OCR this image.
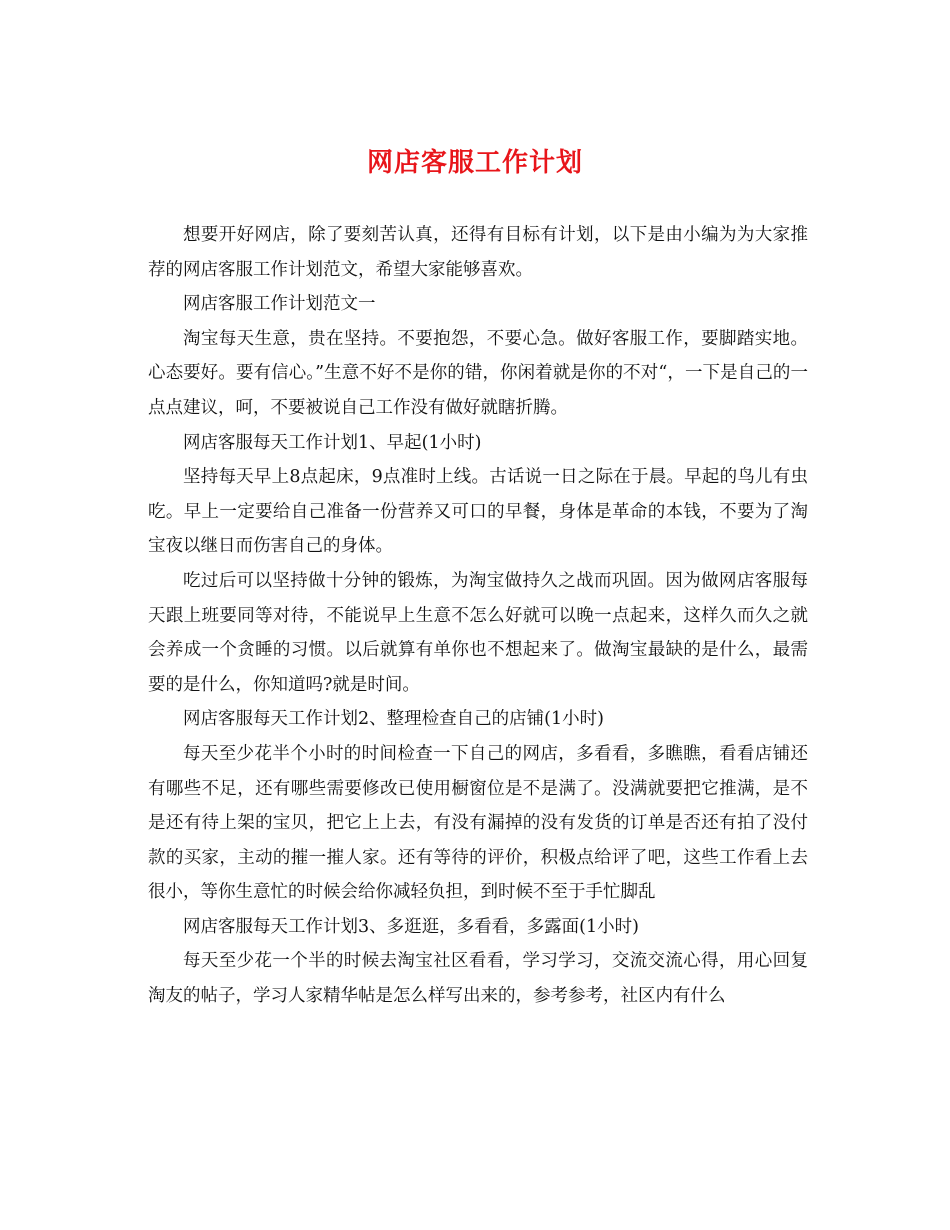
网店客服工作计划

想要开好网店，除了要刻苦认真，还得有目标有计划，以下是由小编为为大家推荐的网店客服工作计划范文，希望大家能够喜欢。

网店客服工作计划范文一

淘宝每天生意，贵在坚持。不要抱怨，不要心急。做好客服工作，要脚踏实地。心态要好。要有信心。”生意不好不是你的错，你闲着就是你的不对“，一下是自己的一点点建议，呵，不要被说自己工作没有做好就瞎折腾。

网店客服每天工作计划1、早起(1小时)

坚持每天早上8点起床，9点准时上线。古话说一日之际在于晨。早起的鸟儿有虫吃。早上一定要给自己准备一份营养又可口的早餐，身体是革命的本钱，不要为了淘宝夜以继日而伤害自己的身体。

吃过后可以坚持做十分钟的锻炼，为淘宝做持久之战而巩固。因为做网店客服每天跟上班要同等对待，不能说早上生意不怎么好就可以晚一点起来，这样久而久之就会养成一个贪睡的习惯。以后就算有单你也不想起来了。做淘宝最缺的是什么，最需要的是什么，你知道吗?就是时间。

网店客服每天工作计划2、整理检查自己的店铺(1小时)

每天至少花半个小时的时间检查一下自己的网店，多看看，多瞧瞧，看看店铺还有哪些不足，还有哪些需要修改已使用橱窗位是不是满了。没满就要把它推满，是不是还有待上架的宝贝，把它上上去，有没有漏掉的没有发货的订单是否还有拍了没付款的买家，主动的摧一摧人家。还有等待的评价，积极点给评了吧，这些工作看上去很小，等你生意忙的时候会给你减轻负担，到时候不至于手忙脚乱

网店客服每天工作计划3、多逛逛，多看看，多露面(1小时)

每天至少花一个半的时候去淘宝社区看看，学习学习，交流交流心得，用心回复淘友的帖子，学习人家精华帖是怎么样写出来的，参考参考，社区内有什么
